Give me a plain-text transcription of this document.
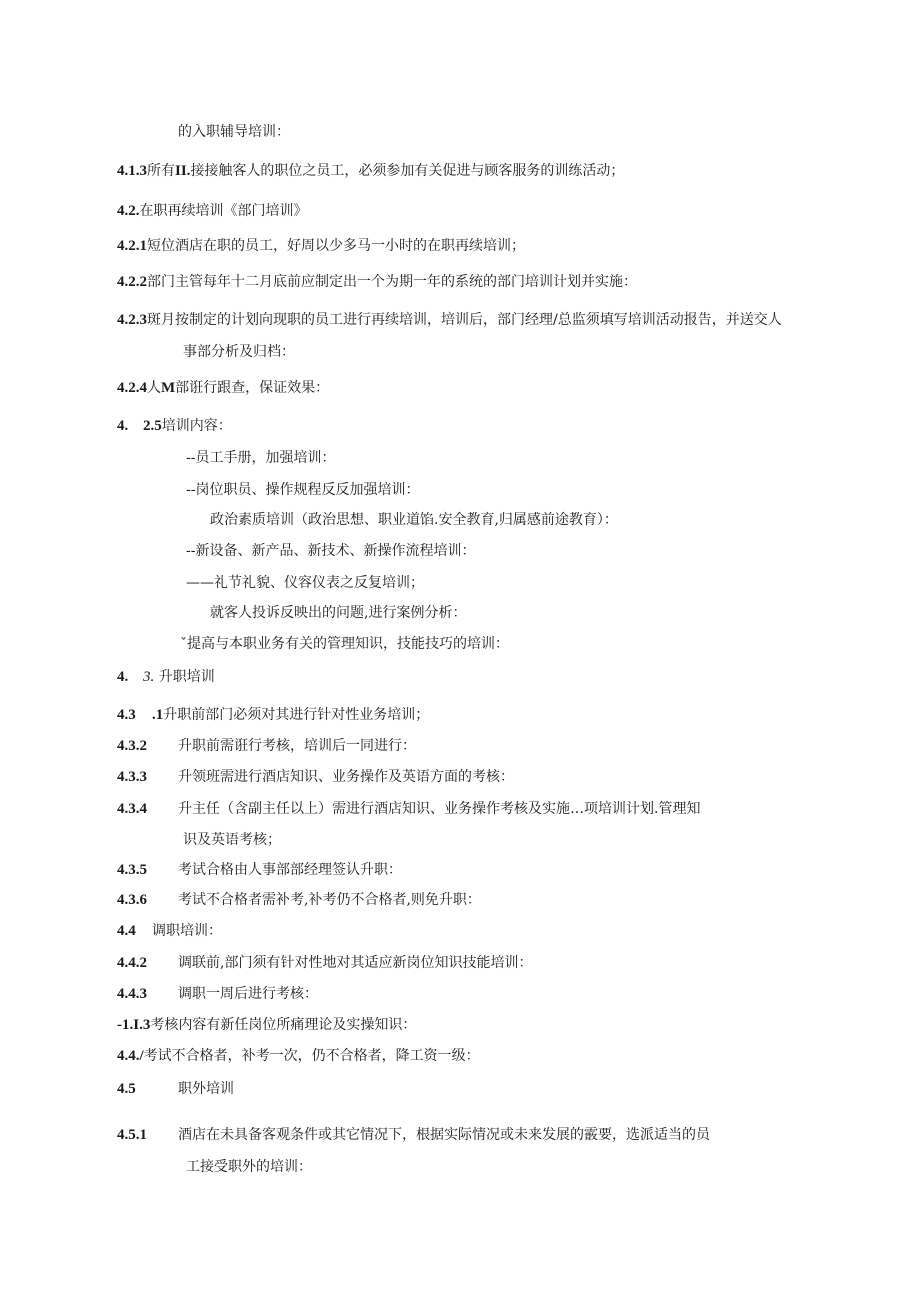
的入职辅导培训：
4.1.3所有II.接接触客人的职位之员工，必须参加有关促进与顾客服务的训练活动；
4.2.在职再续培训《部门培训》
4.2.1短位酒店在职的员工，好周以少多马一小时的在职再续培训；
4.2.2部门主管每年十二月底前应制定出一个为期一年的系统的部门培训计划并实施：
4.2.3斑月按制定的计划向现职的员工进行再续培训，培训后，部门经理/总监须填写培训活动报告，并送交人
事部分析及归档：
4.2.4人M部诳行跟查，保证效果：
4. 2.5培训内容：
--员工手册，加强培训：
--岗位职员、操作规程反反加强培训：
政治素质培训（政治思想、职业道馅.安全教育,归属感前途教育）：
--新设备、新产品、新技术、新操作流程培训：
——礼节礼貌、仪容仪表之反复培训；
就客人投诉反映出的问题,进行案例分析：
ˇ提高与本职业务有关的管理知识，技能技巧的培训：
4. 3. 升职培训
4.3 .1升职前部门必须对其进行针对性业务培训；
4.3.2 升职前需诳行考核，培训后一同进行：
4.3.3 升领班需进行酒店知识、业务操作及英语方面的考核：
4.3.4 升主任（含副主任以上）需进行酒店知识、业务操作考核及实施…项培训计划.管理知
识及英语考核；
4.3.5 考试合格由人事部部经理签认升职：
4.3.6 考试不合格者需补考,补考仍不合格者,则免升职：
4.4 调职培训：
4.4.2 调联前,部门须有针对性地对其适应新岗位知识技能培训：
4.4.3 调职一周后进行考核：
-1.I.3考核内容有新任岗位所痛理论及实操知识：
4.4./考试不合格者，补考一次，仍不合格者，降工资一级：
4.5	职外培训
4.5.1 酒店在未具备客观条件或其它情况下，根据实际情况或未来发展的霰要，选派适当的员
工接受职外的培训：
